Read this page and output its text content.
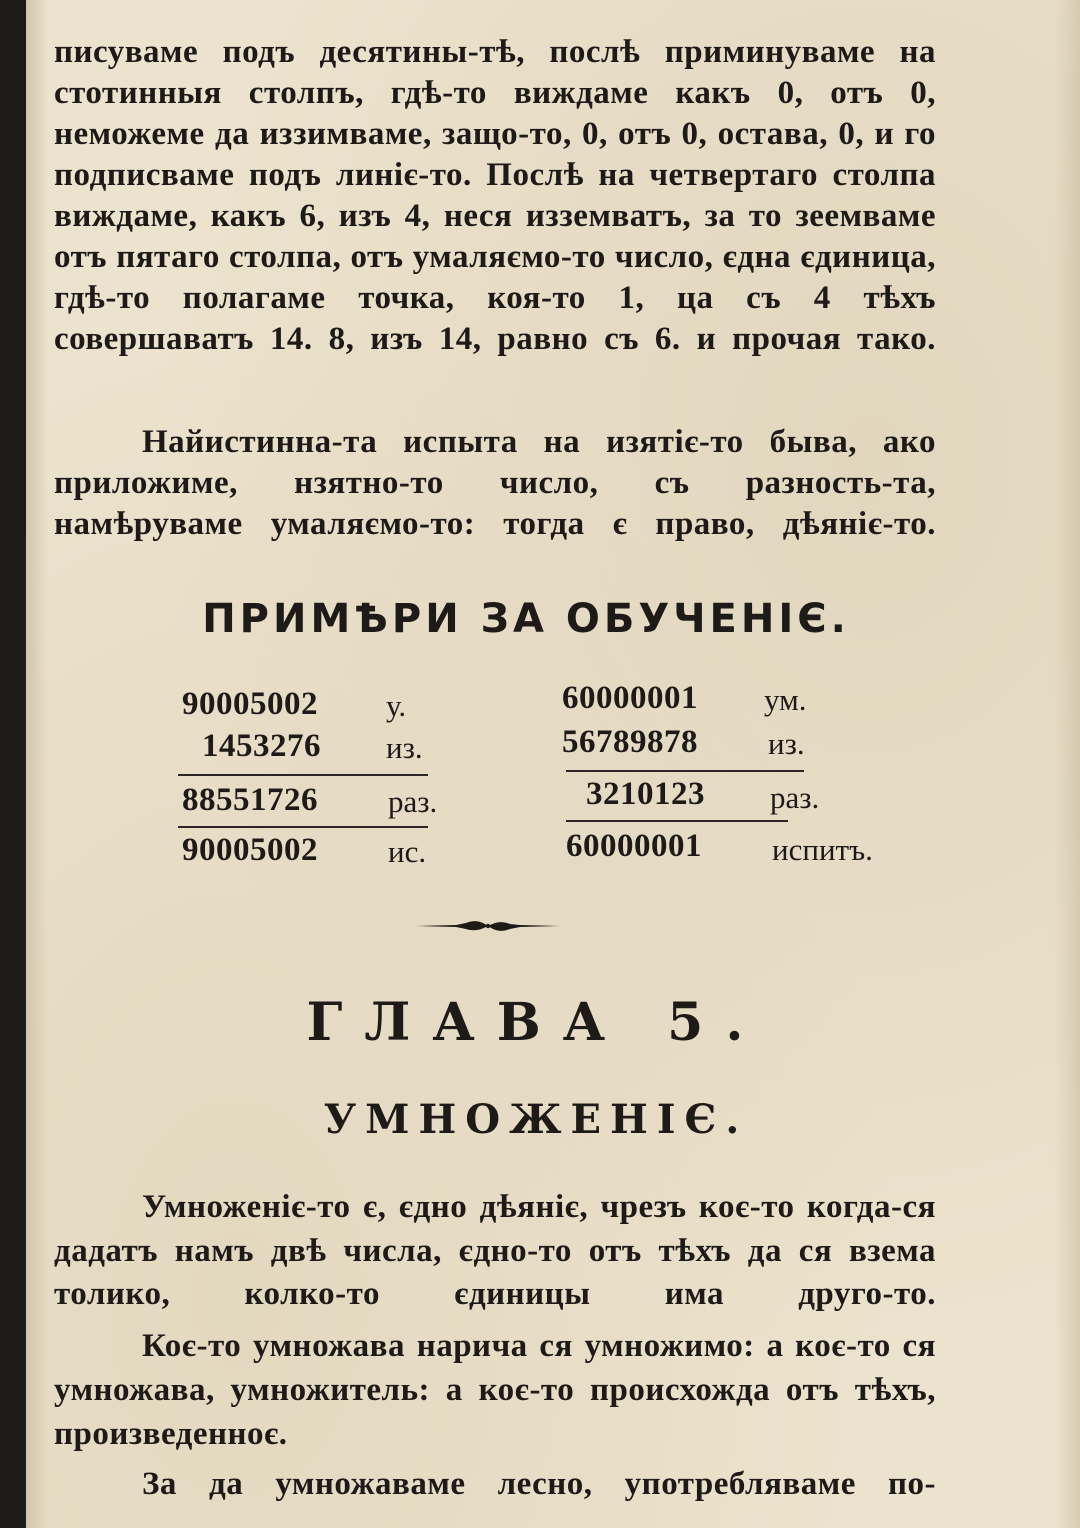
писуваме подъ десятины-тѣ, послѣ приминуваме на стотинныя столпъ, гдѣ-то виждаме какъ 0, отъ 0, неможеме да иззимваме, защо-то, 0, отъ 0, остава, 0, и го подписваме подъ линіє-то. Послѣ на четвертаго столпа виждаме, какъ 6, изъ 4, неся изземватъ, за то зеемваме отъ пятаго столпа, отъ умаляємо-то число, єдна єдиница, гдѣ-то полагаме точка, коя-то 1, ца съ 4 тѣхъ совершаватъ 14. 8, изъ 14, равно съ 6. и прочая тако.
Найистинна-та испыта на изятіє-то бывa, ако приложиме, нзятно-то число, съ разность-та, намѣруваме умаляємо-то: тогда є право, дѣяніє-то.
ПРИМѢРИ ЗА ОБУЧЕНІЄ.
90005002 у.
1453276 из.
88551726 раз.
90005002 ис.
60000001 ум.
56789878 из.
3210123 раз.
60000001 испитъ.
ГЛАВА 5.
УМНОЖЕНІЄ.
Умноженіє-то є, єдно дѣяніє, чрезъ коє-то когда-ся дадатъ намъ двѣ числа, єдно-то отъ тѣхъ да ся взема толико, колко-то єдиницы има друго-то.
Коє-то умножава нарича ся умножимо: а коє-то ся умножава, умножитель: а коє-то происхожда отъ тѣхъ, произведенноє.
За да умножаваме лесно, употребляваме по-
